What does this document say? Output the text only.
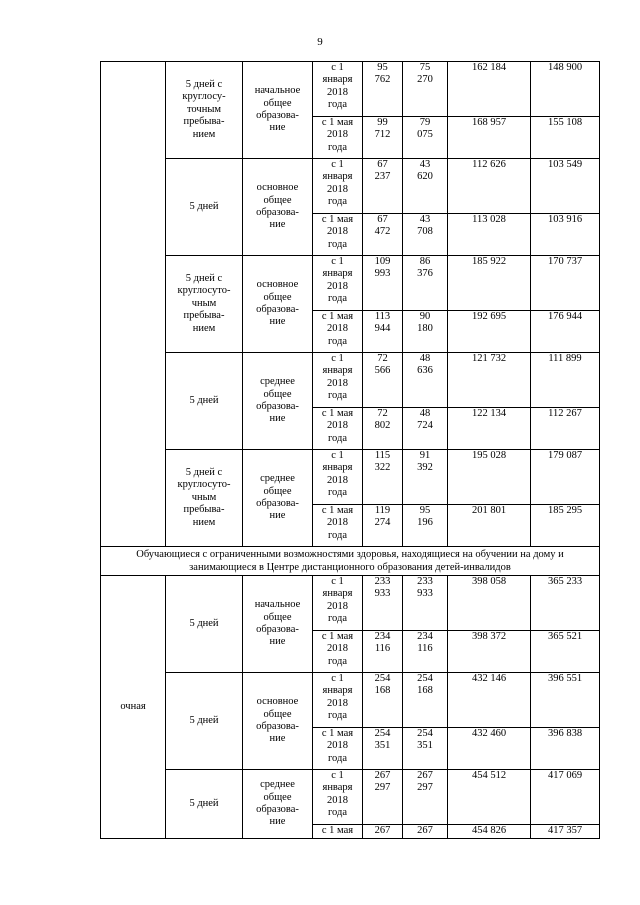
9
	5 дней с
круглосу-
точным
пребыва-
нием	начальное
общее
образова-
ние	с 1
января
2018
года	95
762	75
270	162 184	148 900
			с 1 мая
2018
года	99
712	79
075	168 957	155 108
	5 дней	основное
общее
образова-
ние	с 1
января
2018
года	67
237	43
620	112 626	103 549
			с 1 мая
2018
года	67
472	43
708	113 028	103 916
	5 дней с
круглосуто-
чным
пребыва-
нием	основное
общее
образова-
ние	с 1
января
2018
года	109
993	86
376	185 922	170 737
			с 1 мая
2018
года	113
944	90
180	192 695	176 944
	5 дней	среднее
общее
образова-
ние	с 1
января
2018
года	72
566	48
636	121 732	111 899
			с 1 мая
2018
года	72
802	48
724	122 134	112 267
	5 дней с
круглосуто-
чным
пребыва-
нием	среднее
общее
образова-
ние	с 1
января
2018
года	115
322	91
392	195 028	179 087
			с 1 мая
2018
года	119
274	95
196	201 801	185 295
Обучающиеся с ограниченными возможностями здоровья, находящиеся на обучении на дому и занимающиеся в Центре дистанционного образования детей-инвалидов							
очная	5 дней	начальное
общее
образова-
ние	с 1
января
2018
года	233
933	233
933	398 058	365 233
			с 1 мая
2018
года	234
116	234
116	398 372	365 521
	5 дней	основное
общее
образова-
ние	с 1
января
2018
года	254
168	254
168	432 146	396 551
			с 1 мая
2018
года	254
351	254
351	432 460	396 838
	5 дней	среднее
общее
образова-
ние	с 1
января
2018
года	267
297	267
297	454 512	417 069
			с 1 мая	267	267	454 826	417 357
